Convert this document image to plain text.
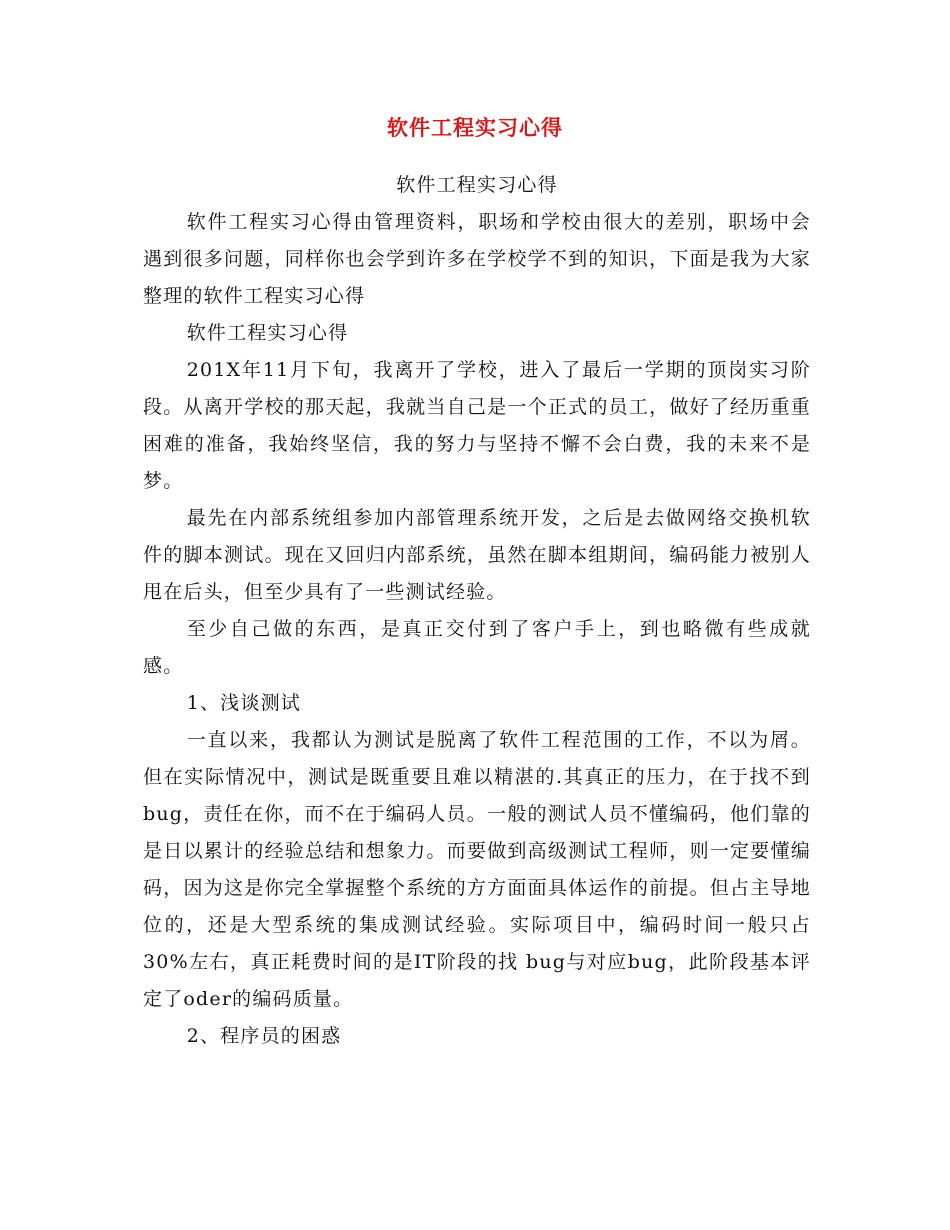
软件工程实习心得

软件工程实习心得

软件工程实习心得由管理资料，职场和学校由很大的差别，职场中会遇到很多问题，同样你也会学到许多在学校学不到的知识，下面是我为大家整理的软件工程实习心得

软件工程实习心得

201X年11月下旬，我离开了学校，进入了最后一学期的顶岗实习阶段。从离开学校的那天起，我就当自己是一个正式的员工，做好了经历重重困难的准备，我始终坚信，我的努力与坚持不懈不会白费，我的未来不是梦。

最先在内部系统组参加内部管理系统开发，之后是去做网络交换机软件的脚本测试。现在又回归内部系统，虽然在脚本组期间，编码能力被别人甩在后头，但至少具有了一些测试经验。

至少自己做的东西，是真正交付到了客户手上，到也略微有些成就感。

1、浅谈测试

一直以来，我都认为测试是脱离了软件工程范围的工作，不以为屑。但在实际情况中，测试是既重要且难以精湛的.其真正的压力，在于找不到bug，责任在你，而不在于编码人员。一般的测试人员不懂编码，他们靠的是日以累计的经验总结和想象力。而要做到高级测试工程师，则一定要懂编码，因为这是你完全掌握整个系统的方方面面具体运作的前提。但占主导地位的，还是大型系统的集成测试经验。实际项目中，编码时间一般只占30%左右，真正耗费时间的是IT阶段的找 bug与对应bug，此阶段基本评定了oder的编码质量。

2、程序员的困惑
